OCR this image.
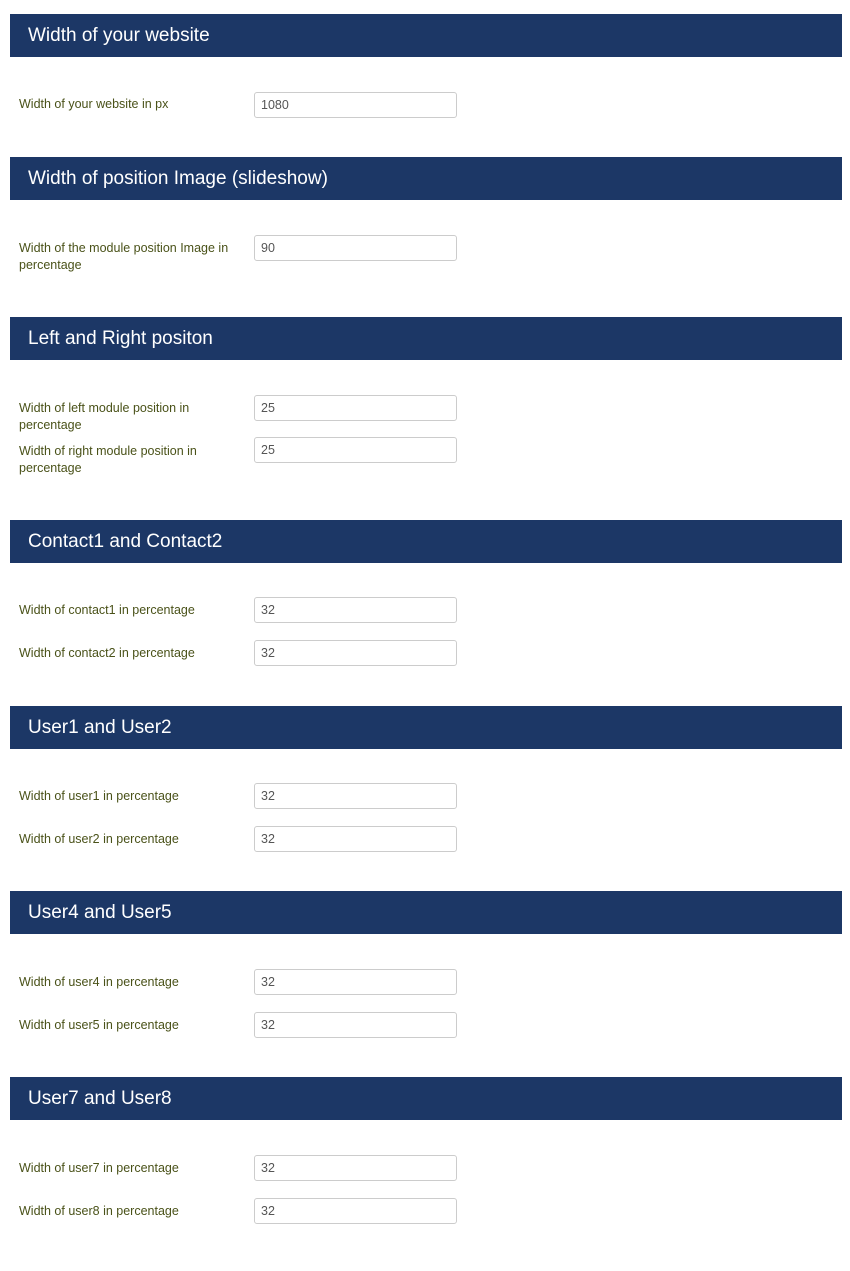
Width of your website
Width of your website in px
1080
Width of position Image (slideshow)
Width of the module position Image in percentage
90
Left and Right positon
Width of left module position in percentage
25
Width of right module position in percentage
25
Contact1 and Contact2
Width of contact1 in percentage
32
Width of contact2 in percentage
32
User1 and User2
Width of user1 in percentage
32
Width of user2 in percentage
32
User4 and User5
Width of user4 in percentage
32
Width of user5 in percentage
32
User7 and User8
Width of user7 in percentage
32
Width of user8 in percentage
32
